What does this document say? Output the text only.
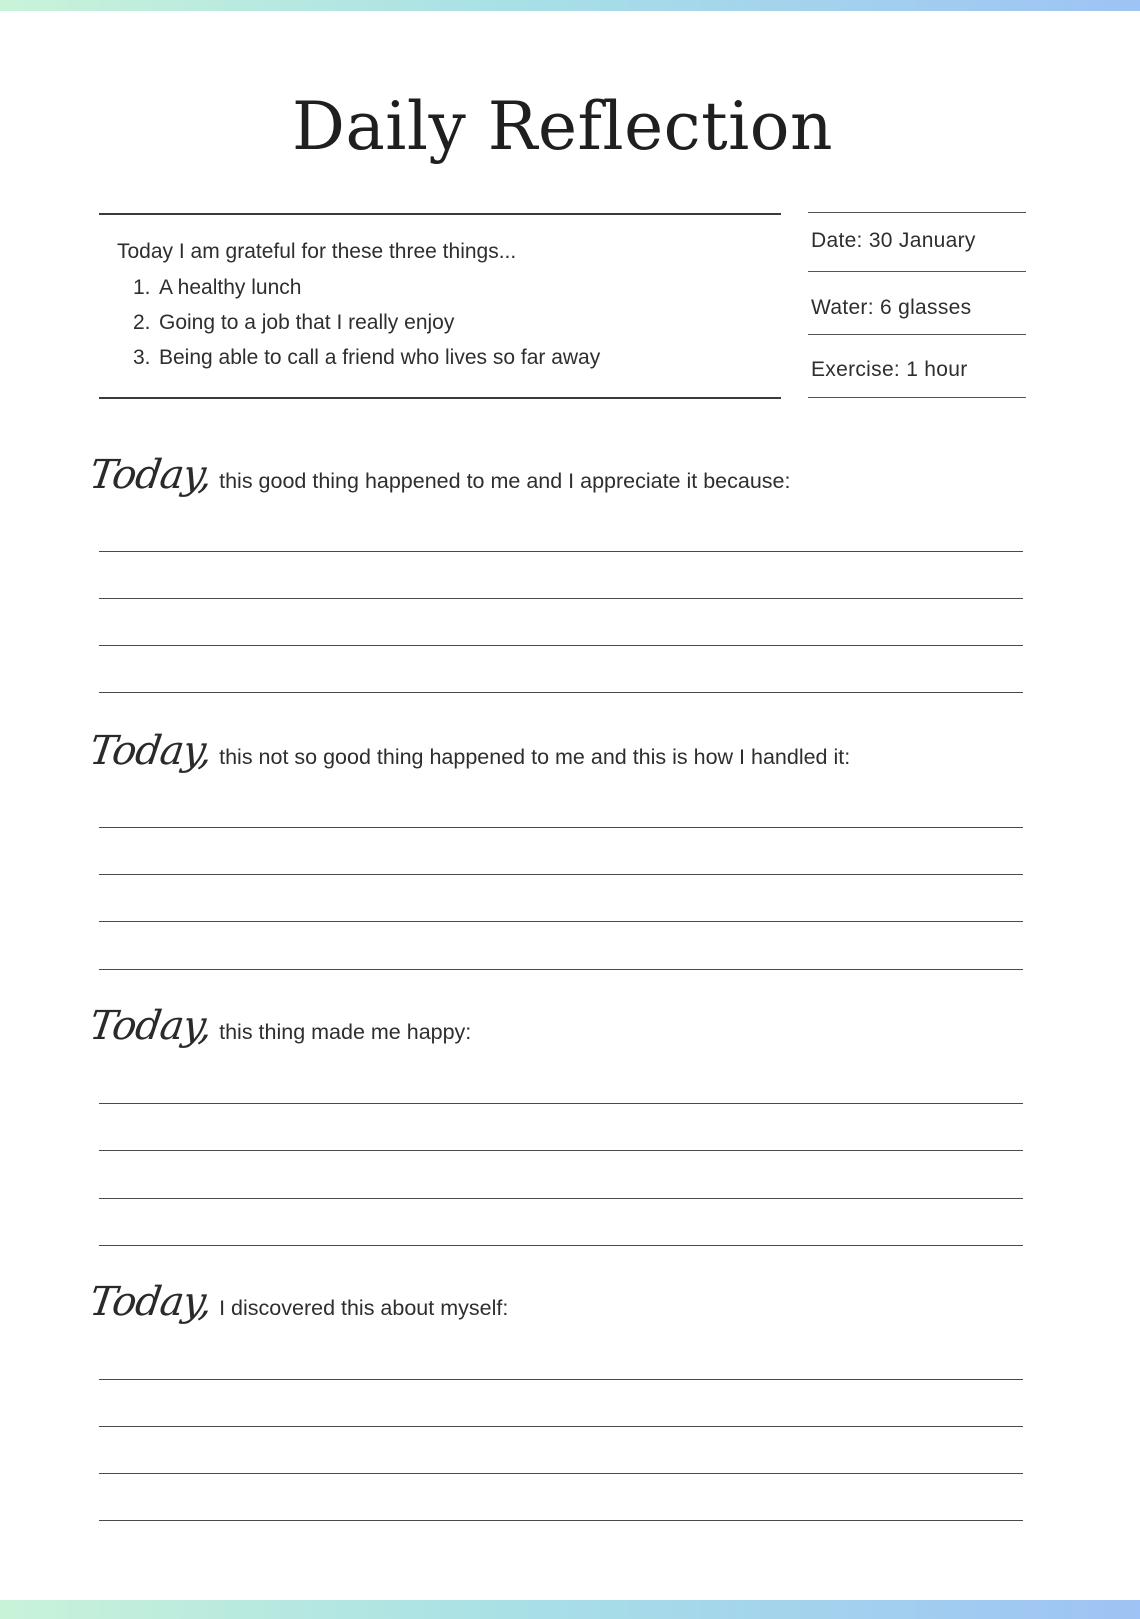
Daily Reflection
Today I am grateful for these three things...
1. A healthy lunch
2. Going to a job that I really enjoy
3. Being able to call a friend who lives so far away
Date: 30 January
Water: 6 glasses
Exercise: 1 hour
Today, this good thing happened to me and I appreciate it because:
Today, this not so good thing happened to me and this is how I handled it:
Today, this thing made me happy:
Today, I discovered this about myself:
